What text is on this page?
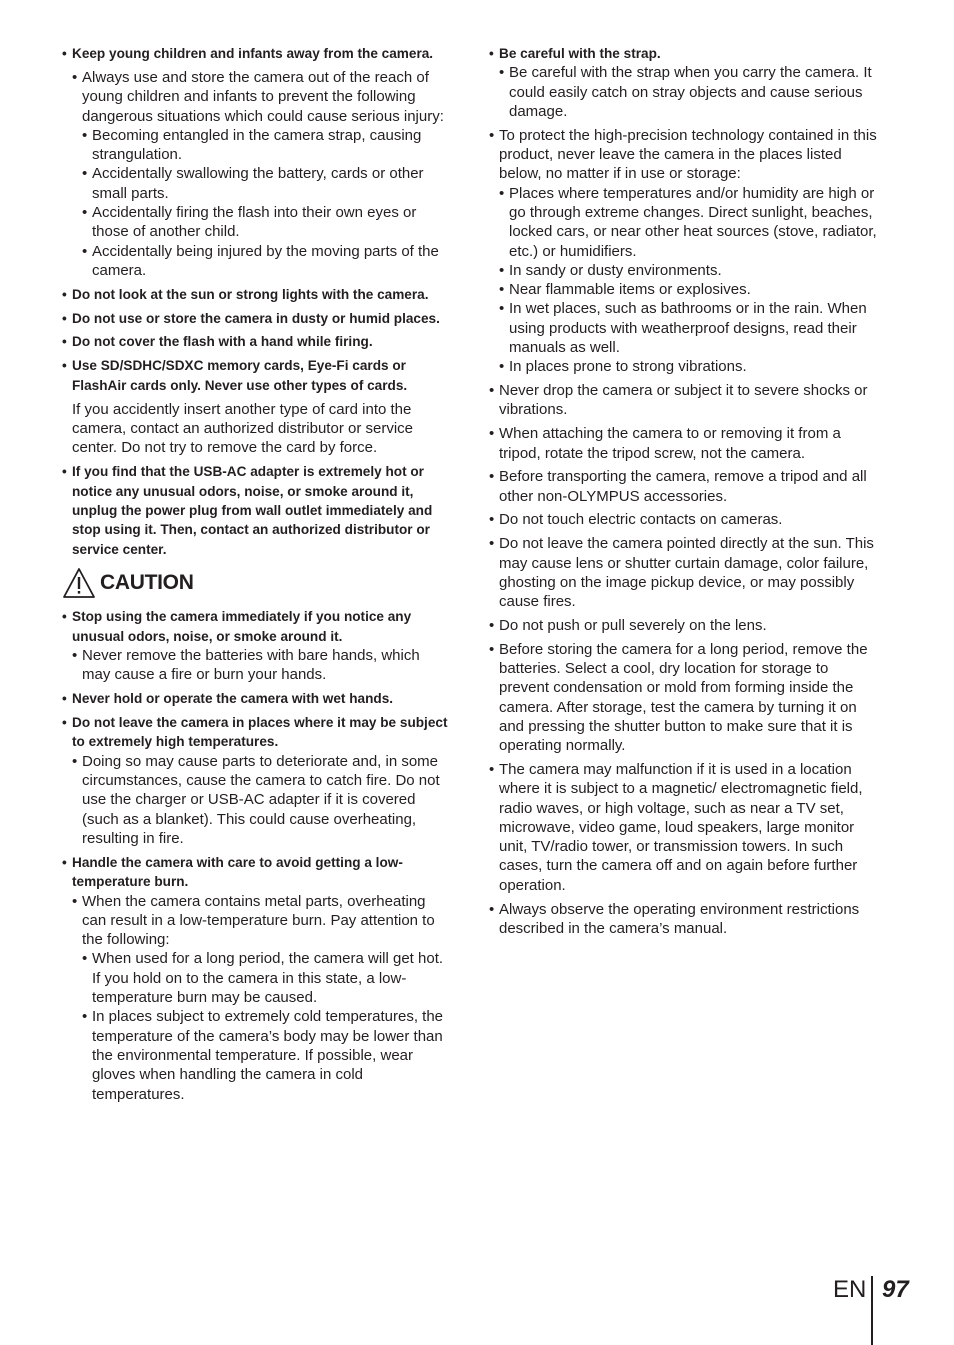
• Keep young children and infants away from the camera.
• Always use and store the camera out of the reach of young children and infants to prevent the following dangerous situations which could cause serious injury:
• Becoming entangled in the camera strap, causing strangulation.
• Accidentally swallowing the battery, cards or other small parts.
• Accidentally firing the flash into their own eyes or those of another child.
• Accidentally being injured by the moving parts of the camera.
• Do not look at the sun or strong lights with the camera.
• Do not use or store the camera in dusty or humid places.
• Do not cover the flash with a hand while firing.
• Use SD/SDHC/SDXC memory cards, Eye-Fi cards or FlashAir cards only. Never use other types of cards.
If you accidently insert another type of card into the camera, contact an authorized distributor or service center. Do not try to remove the card by force.
• If you find that the USB-AC adapter is extremely hot or notice any unusual odors, noise, or smoke around it, unplug the power plug from wall outlet immediately and stop using it. Then, contact an authorized distributor or service center.
CAUTION
• Stop using the camera immediately if you notice any unusual odors, noise, or smoke around it.
• Never remove the batteries with bare hands, which may cause a fire or burn your hands.
• Never hold or operate the camera with wet hands.
• Do not leave the camera in places where it may be subject to extremely high temperatures.
• Doing so may cause parts to deteriorate and, in some circumstances, cause the camera to catch fire. Do not use the charger or USB-AC adapter if it is covered (such as a blanket). This could cause overheating, resulting in fire.
• Handle the camera with care to avoid getting a low-temperature burn.
• When the camera contains metal parts, overheating can result in a low-temperature burn. Pay attention to the following:
• When used for a long period, the camera will get hot. If you hold on to the camera in this state, a low-temperature burn may be caused.
• In places subject to extremely cold temperatures, the temperature of the camera’s body may be lower than the environmental temperature. If possible, wear gloves when handling the camera in cold temperatures.
• Be careful with the strap.
• Be careful with the strap when you carry the camera. It could easily catch on stray objects and cause serious damage.
• To protect the high-precision technology contained in this product, never leave the camera in the places listed below, no matter if in use or storage:
• Places where temperatures and/or humidity are high or go through extreme changes. Direct sunlight, beaches, locked cars, or near other heat sources (stove, radiator, etc.) or humidifiers.
• In sandy or dusty environments.
• Near flammable items or explosives.
• In wet places, such as bathrooms or in the rain. When using products with weatherproof designs, read their manuals as well.
• In places prone to strong vibrations.
• Never drop the camera or subject it to severe shocks or vibrations.
• When attaching the camera to or removing it from a tripod, rotate the tripod screw, not the camera.
• Before transporting the camera, remove a tripod and all other non-OLYMPUS accessories.
• Do not touch electric contacts on cameras.
• Do not leave the camera pointed directly at the sun. This may cause lens or shutter curtain damage, color failure, ghosting on the image pickup device, or may possibly cause fires.
• Do not push or pull severely on the lens.
• Before storing the camera for a long period, remove the batteries. Select a cool, dry location for storage to prevent condensation or mold from forming inside the camera. After storage, test the camera by turning it on and pressing the shutter button to make sure that it is operating normally.
• The camera may malfunction if it is used in a location where it is subject to a magnetic/ electromagnetic field, radio waves, or high voltage, such as near a TV set, microwave, video game, loud speakers, large monitor unit, TV/radio tower, or transmission towers. In such cases, turn the camera off and on again before further operation.
• Always observe the operating environment restrictions described in the camera’s manual.
EN 97
